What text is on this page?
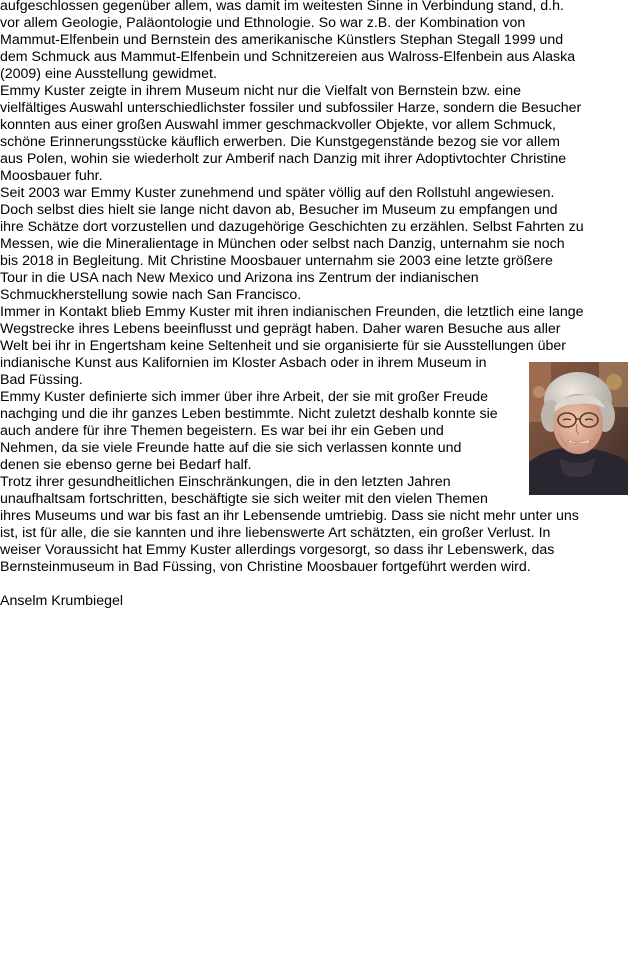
aufgeschlossen gegenüber allem, was damit im weitesten Sinne in Verbindung stand, d.h.
vor allem Geologie, Paläontologie und Ethnologie. So war z.B. der Kombination von
Mammut-Elfenbein und Bernstein des amerikanische Künstlers Stephan Stegall 1999 und
dem Schmuck aus Mammut-Elfenbein und Schnitzereien aus Walross-Elfenbein aus Alaska
(2009) eine Ausstellung gewidmet.
Emmy Kuster zeigte in ihrem Museum nicht nur die Vielfalt von Bernstein bzw. eine
vielfältiges Auswahl unterschiedlichster fossiler und subfossiler Harze, sondern die Besucher
konnten aus einer großen Auswahl immer geschmackvoller Objekte, vor allem Schmuck,
schöne Erinnerungsstücke käuflich erwerben. Die Kunstgegenstände bezog sie vor allem
aus Polen, wohin sie wiederholt zur Amberif nach Danzig mit ihrer Adoptivtochter Christine
Moosbauer fuhr.
Seit 2003 war Emmy Kuster zunehmend und später völlig auf den Rollstuhl angewiesen.
Doch selbst dies hielt sie lange nicht davon ab, Besucher im Museum zu empfangen und
ihre Schätze dort vorzustellen und dazugehörige Geschichten zu erzählen. Selbst Fahrten zu
Messen, wie die Mineralientage in München oder selbst nach Danzig, unternahm sie noch
bis 2018 in Begleitung. Mit Christine Moosbauer unternahm sie 2003 eine letzte größere
Tour in die USA nach New Mexico und Arizona ins Zentrum der indianischen
Schmuckherstellung sowie nach San Francisco.
Immer in Kontakt blieb Emmy Kuster mit ihren indianischen Freunden, die letztlich eine lange
Wegstrecke ihres Lebens beeinflusst und geprägt haben. Daher waren Besuche aus aller
Welt bei ihr in Engertsham keine Seltenheit und sie organisierte für sie Ausstellungen über
indianische Kunst aus Kalifornien im Kloster Asbach oder in ihrem Museum in
Bad Füssing.
Emmy Kuster definierte sich immer über ihre Arbeit, der sie mit großer Freude
nachging und die ihr ganzes Leben bestimmte. Nicht zuletzt deshalb konnte sie
auch andere für ihre Themen begeistern. Es war bei ihr ein Geben und
Nehmen, da sie viele Freunde hatte auf die sie sich verlassen konnte und
denen sie ebenso gerne bei Bedarf half.
Trotz ihrer gesundheitlichen Einschränkungen, die in den letzten Jahren
unaufhaltsam fortschritten, beschäftigte sie sich weiter mit den vielen Themen
ihres Museums und war bis fast an ihr Lebensende umtriebig. Dass sie nicht mehr unter uns
ist, ist für alle, die sie kannten und ihre liebenswerte Art schätzten, ein großer Verlust. In
weiser Voraussicht hat Emmy Kuster allerdings vorgesorgt, so dass ihr Lebenswerk, das
Bernsteinmuseum in Bad Füssing, von Christine Moosbauer fortgeführt werden wird.
Anselm Krumbiegel
